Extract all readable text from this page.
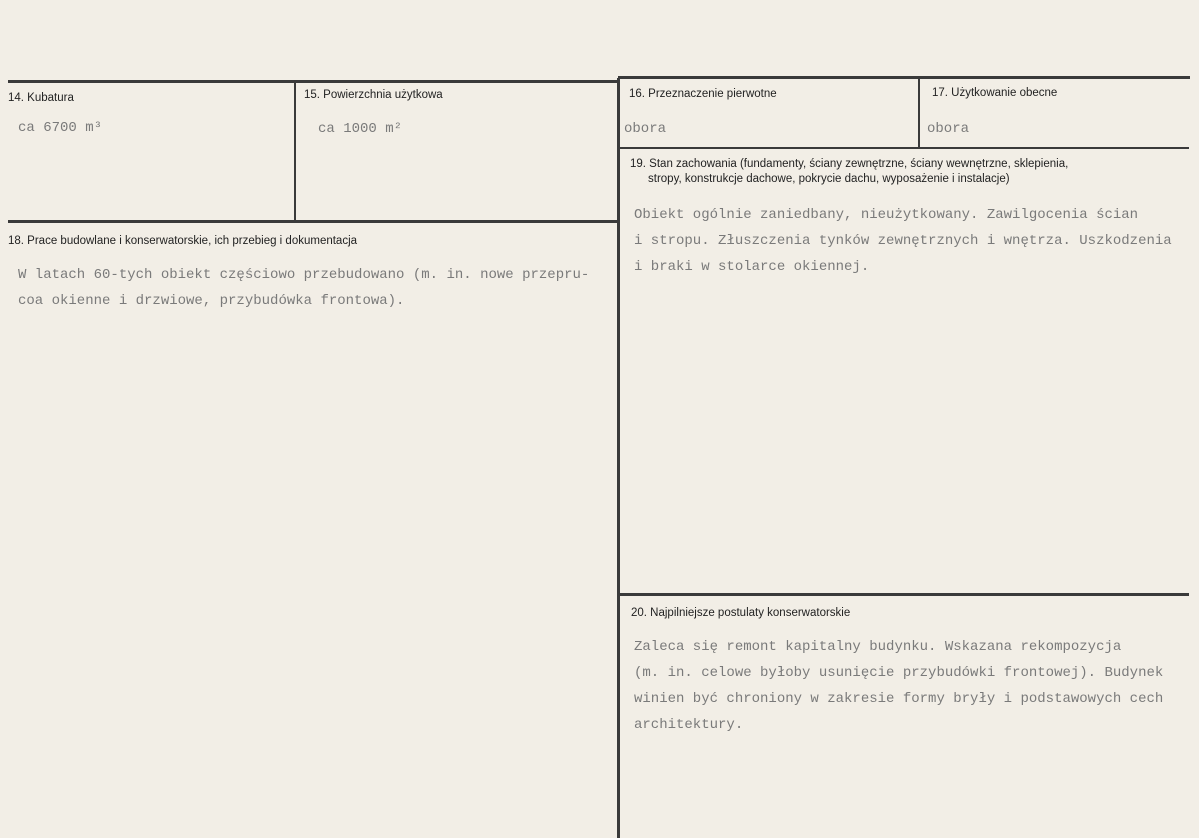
14. Kubatura
ca 6700 m³
15. Powierzchnia użytkowa
ca 1000 m²
16. Przeznaczenie pierwotne
obora
17. Użytkowanie obecne
obora
18. Prace budowlane i konserwatorskie, ich przebieg i dokumentacja
W latach 60-tych obiekt częściowo przebudowano (m. in. nowe przepru-
coa okienne i drzwiowe, przybudówka frontowa).
19. Stan zachowania (fundamenty, ściany zewnętrzne, ściany wewnętrzne, sklepienia,
stropy, konstrukcje dachowe, pokrycie dachu, wyposażenie i instalacje)
Obiekt ogólnie zaniedbany, nieużytkowany. Zawilgocenia ścian
i stropu. Złuszczenia tynków zewnętrznych i wnętrza. Uszkodzenia
i braki w stolarce okiennej.
20. Najpilniejsze postulaty konserwatorskie
Zaleca się remont kapitalny budynku. Wskazana rekompozycja
(m. in. celowe byłoby usunięcie przybudówki frontowej). Budynek
winien być chroniony w zakresie formy bryły i podstawowych cech
architektury.
